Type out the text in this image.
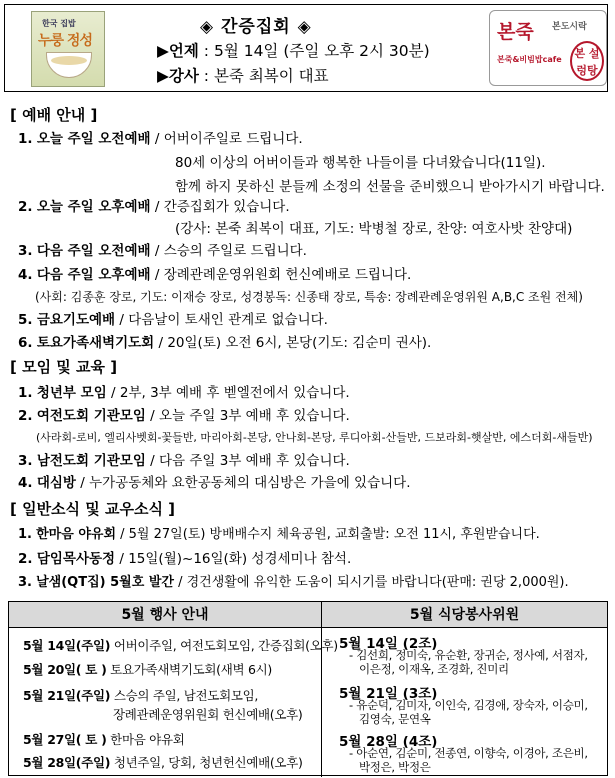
한국 집밥
누룽 정성
◈ 간증집회 ◈
▶언제 : 5월 14일 (주일 오후 2시 30분)
▶강사 : 본죽 최복이 대표
본죽 본도시락
본죽&비빔밥cafe	본 설렁탕
[ 예배 안내 ]
1. 오늘 주일 오전예배 / 어버이주일로 드립니다.
80세 이상의 어버이들과 행복한 나들이를 다녀왔습니다(11일).
함께 하지 못하신 분들께 소정의 선물을 준비했으니 받아가시기 바랍니다.
2. 오늘 주일 오후예배 / 간증집회가 있습니다.
(강사: 본죽 최복이 대표, 기도: 박병철 장로, 찬양: 여호사밧 찬양대)
3. 다음 주일 오전예배 / 스승의 주일로 드립니다.
4. 다음 주일 오후예배 / 장례관례운영위원회 헌신예배로 드립니다.
(사회: 김종훈 장로, 기도: 이재승 장로, 성경봉독: 신종태 장로, 특송: 장례관례운영위원 A,B,C 조원 전체)
5. 금요기도예배 / 다음날이 토새인 관계로 없습니다.
6. 토요가족새벽기도회 / 20일(토) 오전 6시, 본당(기도: 김순미 권사).
[ 모임 및 교육 ]
1. 청년부 모임 / 2부, 3부 예배 후 벧엘전에서 있습니다.
2. 여전도회 기관모임 / 오늘 주일 3부 예배 후 있습니다.
(사라회-로비, 엘리사벳회-꽃들반, 마리아회-본당, 안나회-본당, 루디아회-산들반, 드보라회-햇살반, 에스더회-새들반)
3. 남전도회 기관모임 / 다음 주일 3부 예배 후 있습니다.
4. 대심방 / 누가공동체와 요한공동체의 대심방은 가을에 있습니다.
[ 일반소식 및 교우소식 ]
1. 한마음 야유회 / 5월 27일(토) 방배배수지 체육공원, 교회출발: 오전 11시, 후원받습니다.
2. 담임목사동정 / 15일(월)~16일(화) 성경세미나 참석.
3. 날샘(QT집) 5월호 발간 / 경건생활에 유익한 도움이 되시기를 바랍니다(판매: 권당 2,000원).
5월 행사 안내	5월 식당봉사위원
5월 14일(주일) 어버이주일, 여전도회모임, 간증집회(오후)
5월 20일( 토 ) 토요가족새벽기도회(새벽 6시)
5월 21일(주일) 스승의 주일, 남전도회모임,
장례관례운영위원회 헌신예배(오후)
5월 27일( 토 ) 한마음 야유회
5월 28일(주일) 청년주일, 당회, 청년헌신예배(오후)
5월 14일 (2조)
- 김선희, 정미숙, 유순환, 장귀순, 정사예, 서점자,
이은정, 이재옥, 조경화, 진미리
5월 21일 (3조)
- 유순덕, 김미자, 이인숙, 김경애, 장숙자, 이승미,
김영숙, 문연옥
5월 28일 (4조)
- 아순연, 김순미, 전종연, 이향숙, 이경아, 조은비,
박정은, 박정은
